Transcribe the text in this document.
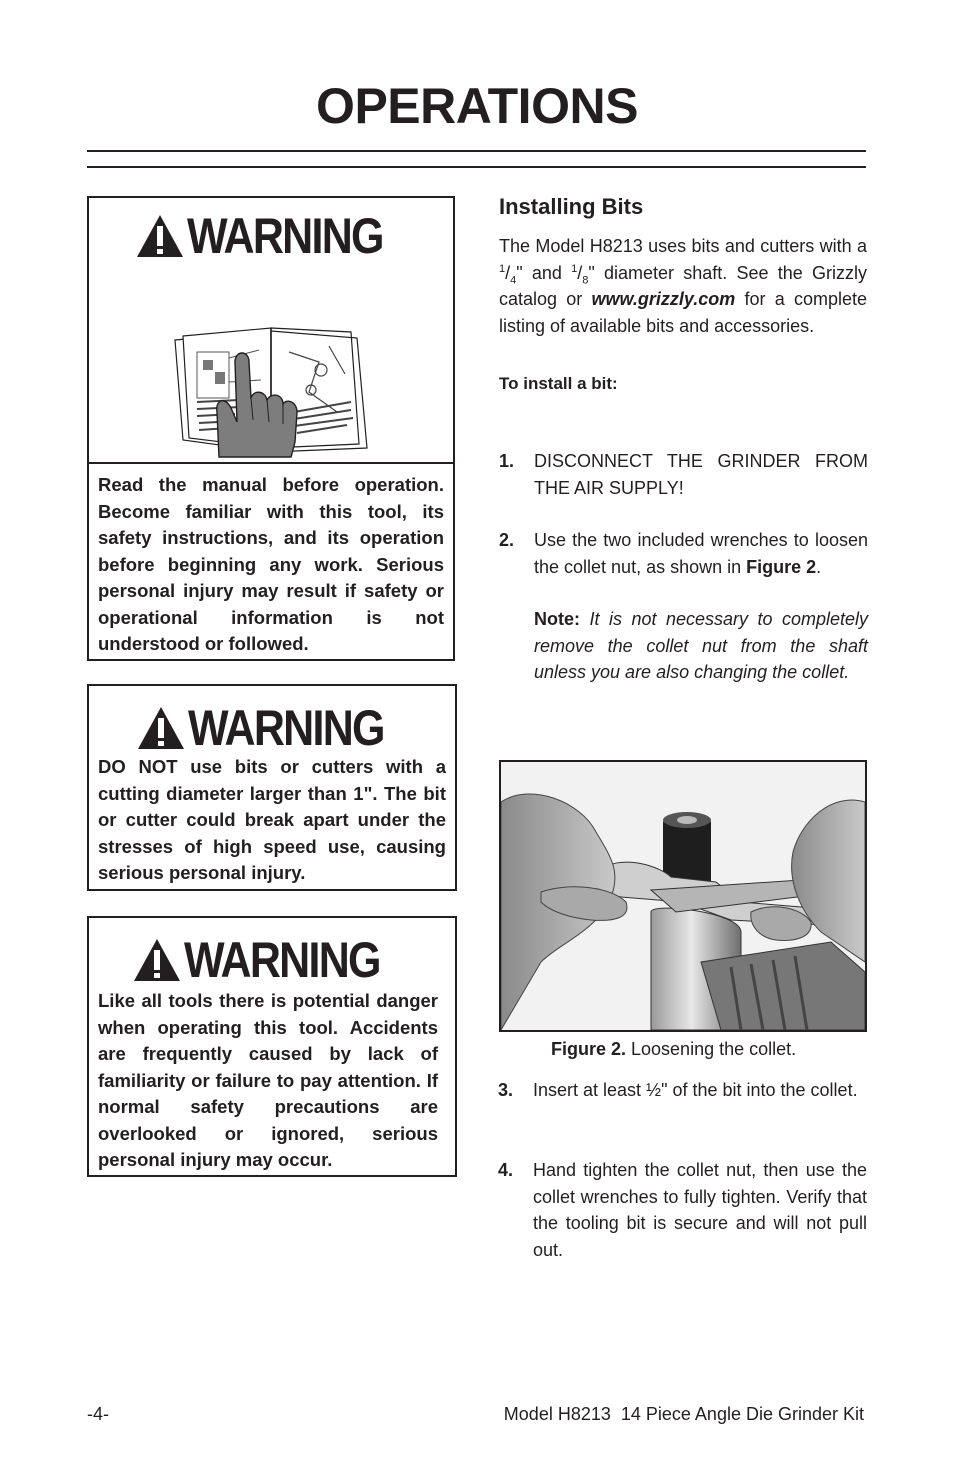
OPERATIONS
WARNING
Read the manual before operation. Become familiar with this tool, its safety instructions, and its operation before beginning any work. Serious personal injury may result if safety or operational information is not understood or followed.
WARNING
DO NOT use bits or cutters with a cutting diameter larger than 1". The bit or cutter could break apart under the stresses of high speed use, causing serious personal injury.
WARNING
Like all tools there is potential danger when operating this tool. Accidents are frequently caused by lack of familiarity or failure to pay attention. If normal safety precautions are overlooked or ignored, serious personal injury may occur.
Installing Bits

The Model H8213 uses bits and cutters with a $^1/_4$" and $^1/_8$" diameter shaft. See the Grizzly catalog or www.grizzly.com for a complete listing of available bits and accessories.

To install a bit:
1. DISCONNECT THE GRINDER FROM THE AIR SUPPLY!
2. Use the two included wrenches to loosen the collet nut, as shown in Figure 2.
Note: It is not necessary to completely remove the collet nut from the shaft unless you are also changing the collet.
Figure 2. Loosening the collet.
3. Insert at least ½" of the bit into the collet.
4. Hand tighten the collet nut, then use the collet wrenches to fully tighten. Verify that the tooling bit is secure and will not pull out.
-4-	Model H8213  14 Piece Angle Die Grinder Kit
